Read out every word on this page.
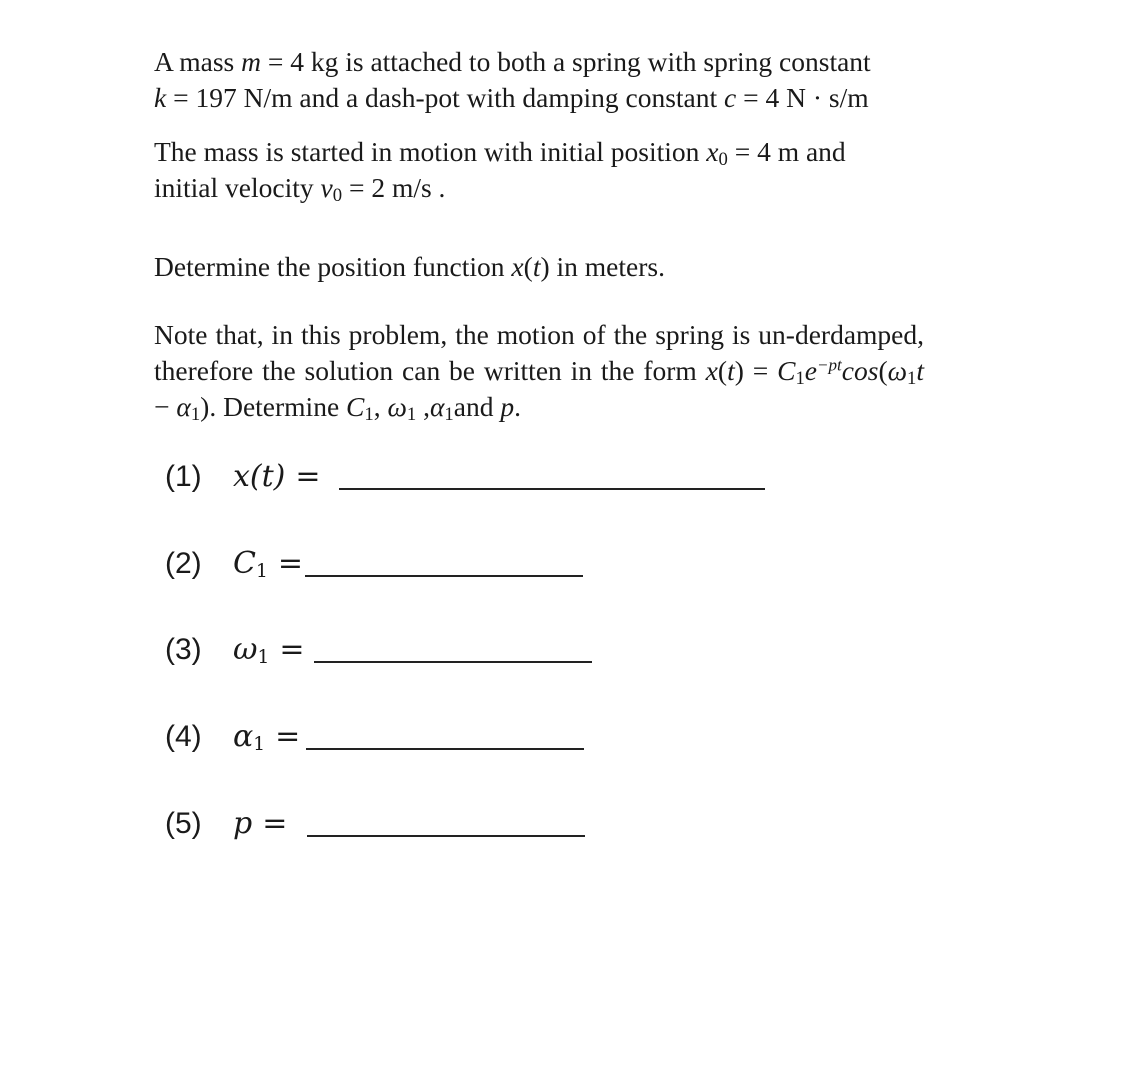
A mass m = 4 kg is attached to both a spring with spring constant
k = 197 N/m and a dash-pot with damping constant c = 4 N · s/m

The mass is started in motion with initial position $x_0 = 4$ m and
initial velocity $v_0 = 2$ m/s .

Determine the position function x(t) in meters.

Note that, in this problem, the motion of the spring is un-derdamped, therefore the solution can be written in the form $x(t) = C_1e^{-pt}\cos(\omega_1t - \alpha_1)$. Determine $C_1$, $\omega_1$ $,\alpha_1and$ p.

(1)	x(t) =
(2)	$C_1$ =
(3)	$\omega_1$ =
(4)	$\alpha_1$ =
(5)	p =
